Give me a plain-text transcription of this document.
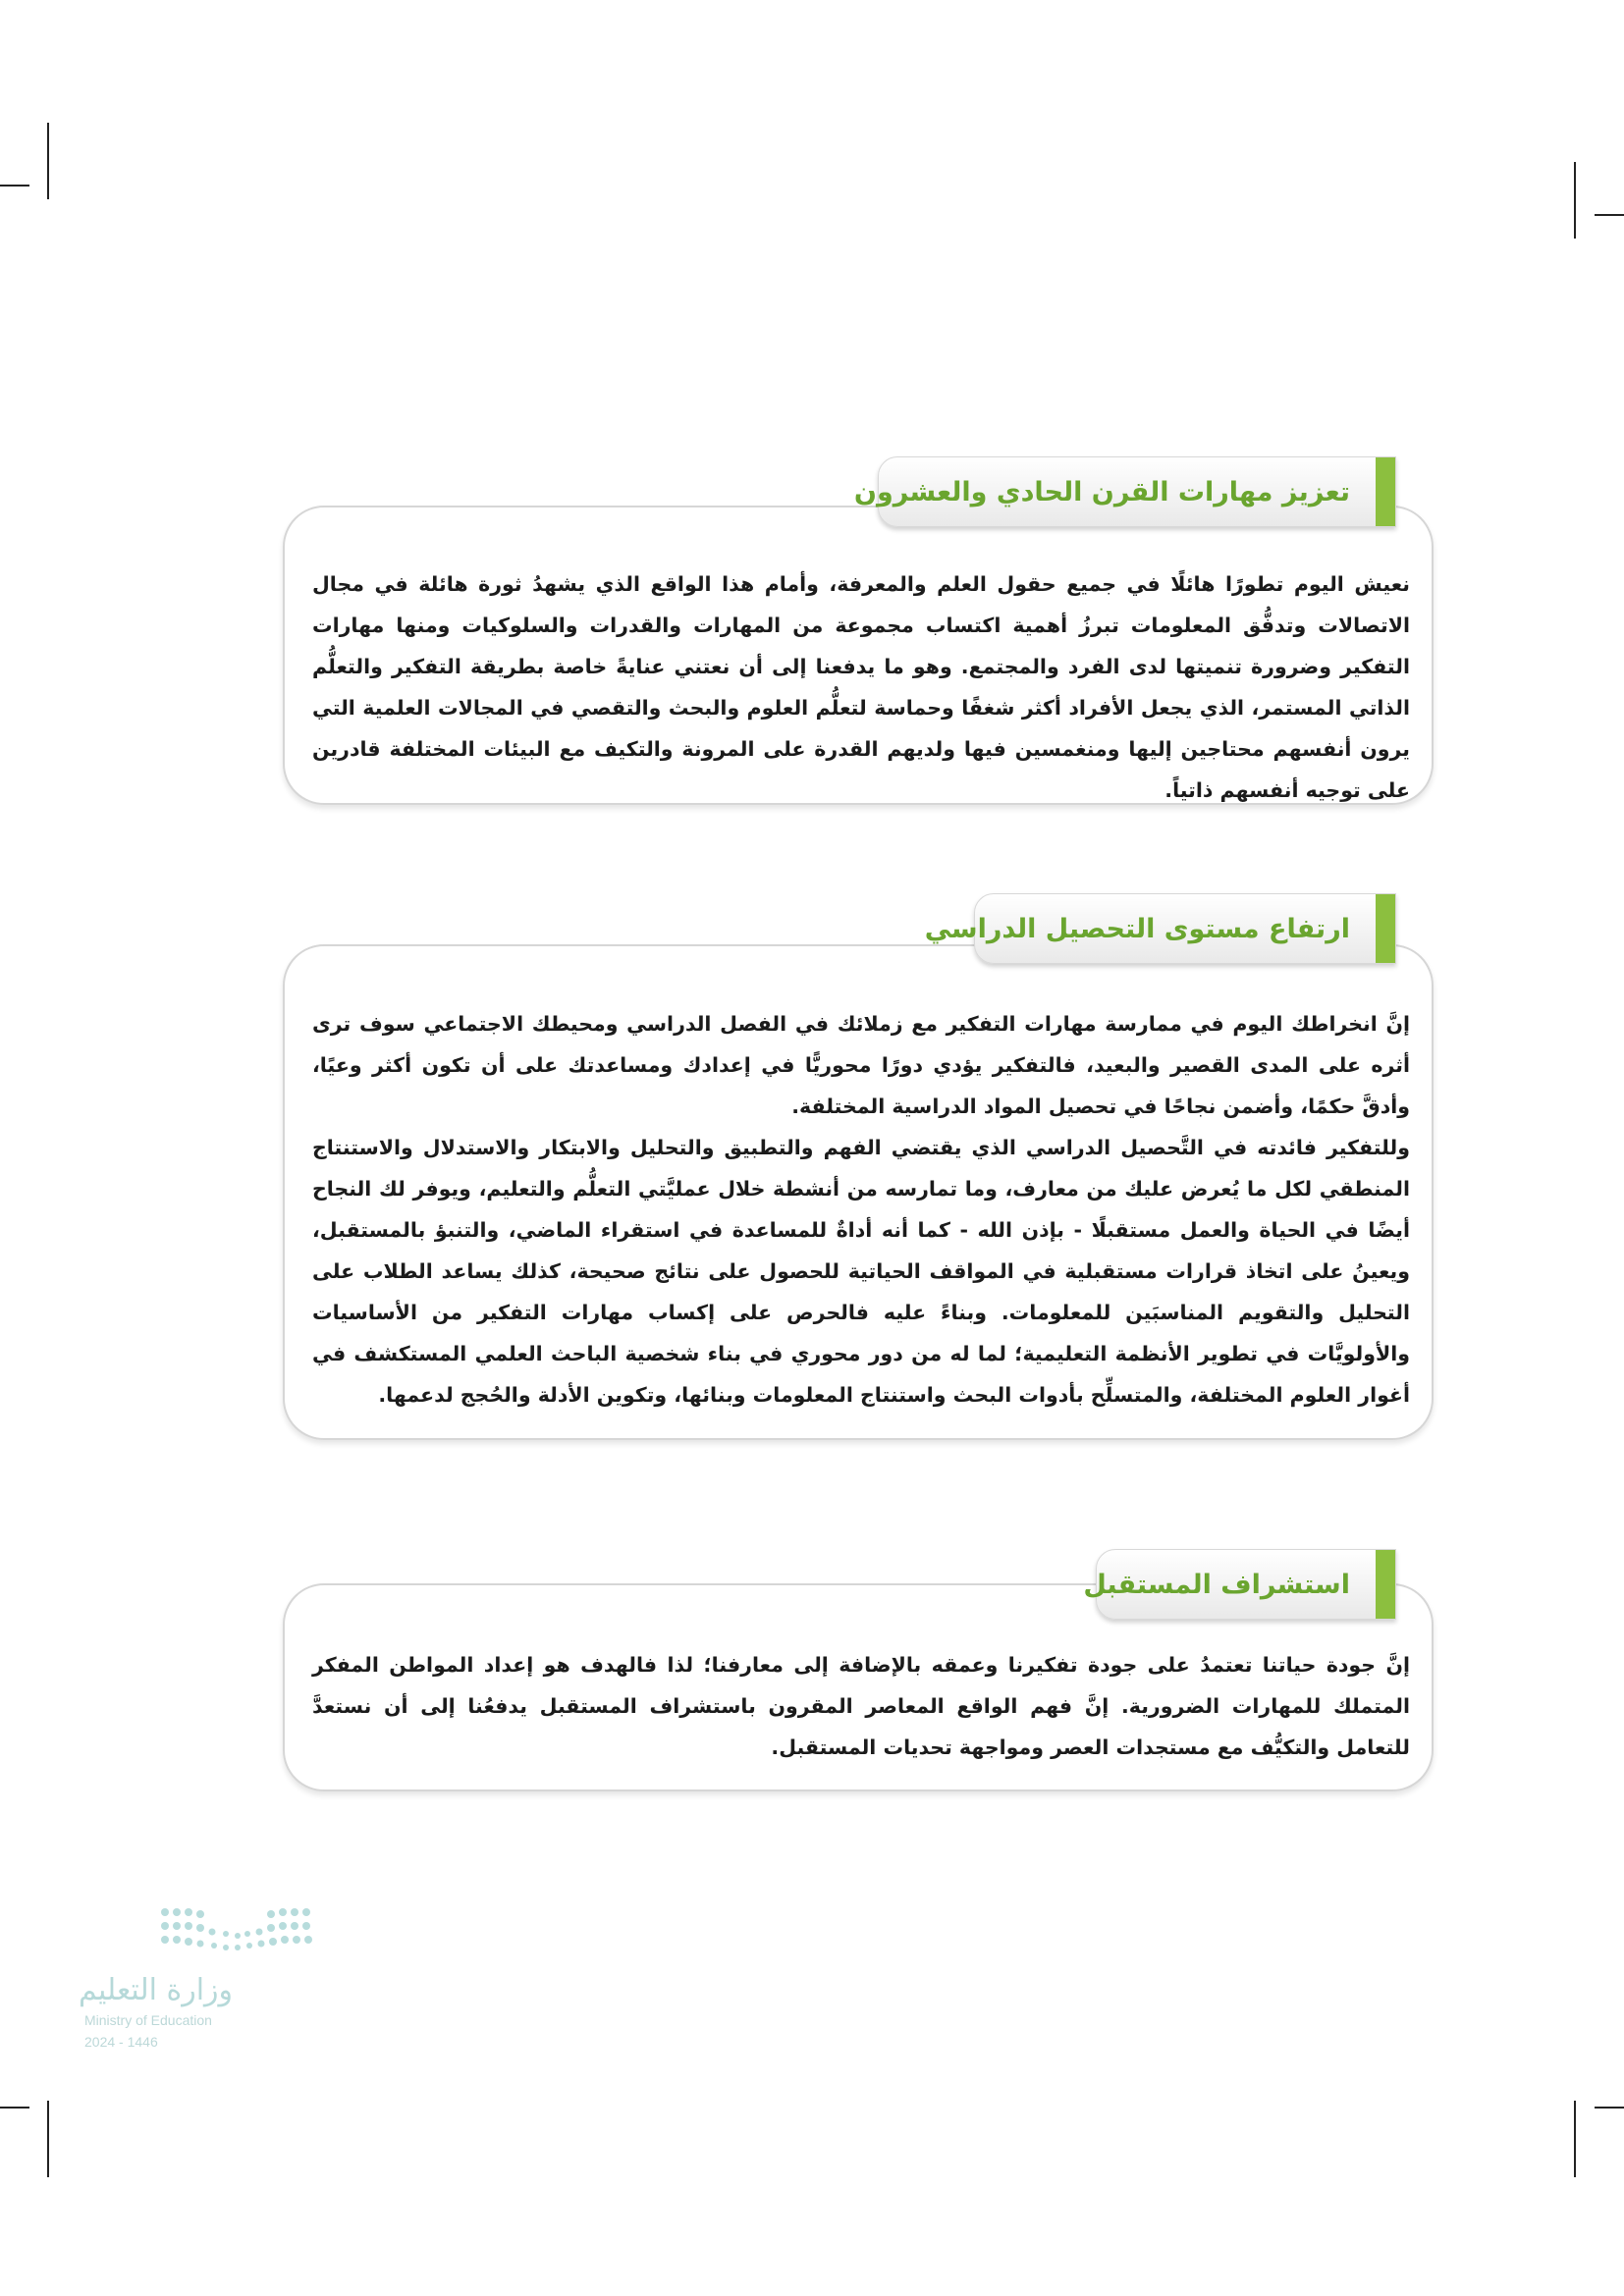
نعيش اليوم تطورًا هائلًا في جميع حقول العلم والمعرفة، وأمام هذا الواقع الذي يشهدُ ثورة هائلة في مجال الاتصالات وتدفُّق المعلومات تبرزُ أهمية اكتساب مجموعة من المهارات والقدرات والسلوكيات ومنها مهارات التفكير وضرورة تنميتها لدى الفرد والمجتمع. وهو ما يدفعنا إلى أن نعتني عنايةً خاصة بطريقة التفكير والتعلُّم الذاتي المستمر، الذي يجعل الأفراد أكثر شغفًا وحماسة لتعلُّم العلوم والبحث والتقصي في المجالات العلمية التي يرون أنفسهم محتاجين إليها ومنغمسين فيها ولديهم القدرة على المرونة والتكيف مع البيئات المختلفة قادرين على توجيه أنفسهم ذاتياً.

تعزيز مهارات القرن الحادي والعشرون

إنَّ انخراطك اليوم في ممارسة مهارات التفكير مع زملائك في الفصل الدراسي ومحيطك الاجتماعي سوف ترى أثره على المدى القصير والبعيد، فالتفكير يؤدي دورًا محوريًّا في إعدادك ومساعدتك على أن تكون أكثر وعيًا، وأدقَّ حكمًا، وأضمن نجاحًا في تحصيل المواد الدراسية المختلفة.

وللتفكير فائدته في التَّحصيل الدراسي الذي يقتضي الفهم والتطبيق والتحليل والابتكار والاستدلال والاستنتاج المنطقي لكل ما يُعرض عليك من معارف، وما تمارسه من أنشطة خلال عمليَّتي التعلُّم والتعليم، ويوفر لك النجاح أيضًا في الحياة والعمل مستقبلًا - بإذن الله - كما أنه أداةٌ للمساعدة في استقراء الماضي، والتنبؤ بالمستقبل، ويعينُ على اتخاذ قرارات مستقبلية في المواقف الحياتية للحصول على نتائج صحيحة، كذلك يساعد الطلاب على التحليل والتقويم المناسبَين للمعلومات. وبناءً عليه فالحرص على إكساب مهارات التفكير من الأساسيات والأولويَّات في تطوير الأنظمة التعليمية؛ لما له من دور محوري في بناء شخصية الباحث العلمي المستكشف في أغوار العلوم المختلفة، والمتسلِّح بأدوات البحث واستنتاج المعلومات وبنائها، وتكوين الأدلة والحُجج لدعمها.

ارتفاع مستوى التحصيل الدراسي

إنَّ جودة حياتنا تعتمدُ على جودة تفكيرنا وعمقه بالإضافة إلى معارفنا؛ لذا فالهدف هو إعداد المواطن المفكر المتملك للمهارات الضرورية. إنَّ فهم الواقع المعاصر المقرون باستشراف المستقبل يدفعُنا إلى أن نستعدَّ للتعامل والتكيُّف مع مستجدات العصر ومواجهة تحديات المستقبل.

استشراف المستقبل
وزارة التعليم
Ministry of Education
2024 - 1446
